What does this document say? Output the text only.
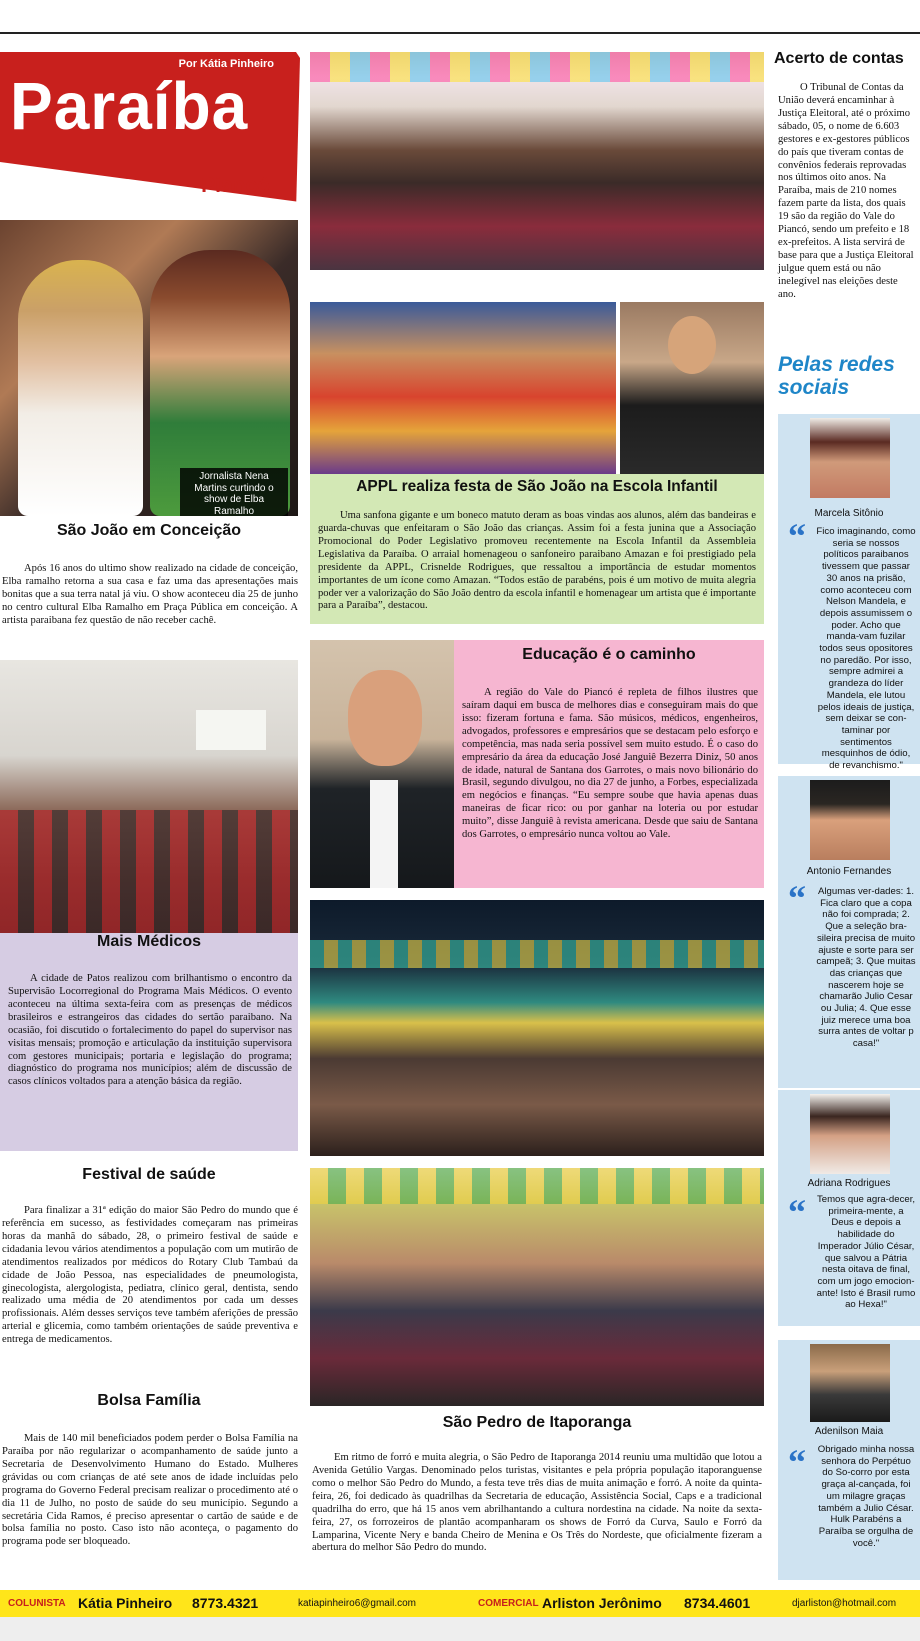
Por Kátia Pinheiro
Paraíba
Piancó
Jornalista Nena Martins curtindo o show de Elba Ramalho
São João em Conceição
Após 16 anos do ultimo show realizado na cidade de conceição, Elba ramalho retorna a sua casa e faz uma das apresentações mais bonitas que a sua terra natal já viu. O show aconteceu dia 25 de junho no centro cultural Elba Ramalho em Praça Pública em conceição. A artista paraibana fez questão de não receber cachê.
Mais Médicos
A cidade de Patos realizou com brilhantismo o encontro da Supervisão Locorregional do Programa Mais Médicos. O evento aconteceu na última sexta-feira com as presenças de médicos brasileiros e estrangeiros das cidades do sertão paraibano. Na ocasião, foi discutido o fortalecimento do papel do supervisor nas visitas mensais; promoção e articulação da instituição supervisora com gestores municipais; portaria e legislação do programa; diagnóstico do programa nos municípios; além de discussão de casos clínicos voltados para a atenção básica da região.
Festival de saúde
Para finalizar a 31ª edição do maior São Pedro do mundo que é referência em sucesso, as festividades começaram nas primeiras horas da manhã do sábado, 28, o primeiro festival de saúde e cidadania levou vários atendimentos a população com um mutirão de atendimentos realizados por médicos do Rotary Club Tambaú da cidade de João Pessoa, nas especialidades de pneumologista, ginecologista, alergologista, pediatra, clínico geral, dentista, sendo realizado uma média de 20 atendimentos por cada um desses profissionais. Além desses serviços teve também aferições de pressão arterial e glicemia, como também orientações de saúde preventiva e entrega de medicamentos.
Bolsa Família
Mais de 140 mil beneficiados podem perder o Bolsa Família na Paraíba por não regularizar o acompanhamento de saúde junto a Secretaria de Desenvolvimento Humano do Estado. Mulheres grávidas ou com crianças de até sete anos de idade incluídas pelo programa do Governo Federal precisam realizar o procedimento até o dia 11 de Julho, no posto de saúde do seu município. Segundo a secretária Cida Ramos, é preciso apresentar o cartão de saúde e de bolsa família no posto. Caso isto não aconteça, o pagamento do programa pode ser bloqueado.
APPL realiza festa de São João na Escola Infantil
Uma sanfona gigante e um boneco matuto deram as boas vindas aos alunos, além das bandeiras e guarda-chuvas que enfeitaram o São João das crianças. Assim foi a festa junina que a Associação Promocional do Poder Legislativo promoveu recentemente na Escola Infantil da Assembleia Legislativa da Paraíba. O arraial homenageou o sanfoneiro paraibano Amazan e foi prestigiado pela presidente da APPL, Crisnelde Rodrigues, que ressaltou a importância de estudar momentos importantes de um ícone como Amazan. “Todos estão de parabéns, pois é um motivo de muita alegria poder ver a valorização do São João dentro da escola infantil e homenagear um artista que é importante para a Paraíba”, destacou.
Educação é o caminho
A região do Vale do Piancó é repleta de filhos ilustres que saíram daqui em busca de melhores dias e conseguiram mais do que isso: fizeram fortuna e fama. São músicos, médicos, engenheiros, advogados, professores e empresários que se destacam pelo esforço e competência, mas nada seria possível sem muito estudo. É o caso do empresário da área da educação José Janguiê Bezerra Diniz, 50 anos de idade, natural de Santana dos Garrotes, o mais novo bilionário do Brasil, segundo divulgou, no dia 27 de junho, a Forbes, especializada em negócios e finanças. “Eu sempre soube que havia apenas duas maneiras de ficar rico: ou por ganhar na loteria ou por estudar muito”, disse Janguiê à revista americana. Desde que saiu de Santana dos Garrotes, o empresário nunca voltou ao Vale.
São Pedro de Itaporanga
Em ritmo de forró e muita alegria, o São Pedro de Itaporanga 2014 reuniu uma multidão que lotou a Avenida Getúlio Vargas. Denominado pelos turistas, visitantes e pela própria população itaporanguense como o melhor São Pedro do Mundo, a festa teve três dias de muita animação e forró. A noite da quinta-feira, 26, foi dedicado às quadrilhas da Secretaria de educação, Assistência Social, Caps e a tradicional quadrilha do erro, que há 15 anos vem abrilhantando a cultura nordestina na cidade. Na noite da sexta-feira, 27, os forrozeiros de plantão acompanharam os shows de Forró da Curva, Saulo e Forró da Lamparina, Vicente Nery e banda Cheiro de Menina e Os Três do Nordeste, que oficialmente fizeram a abertura do melhor São Pedro do mundo.
Acerto de contas
O Tribunal de Contas da União deverá encaminhar à Justiça Eleitoral, até o próximo sábado, 05, o nome de 6.603 gestores e ex-gestores públicos do país que tiveram contas de convênios federais reprovadas nos últimos oito anos. Na Paraíba, mais de 210 nomes fazem parte da lista, dos quais 19 são da região do Vale do Piancó, sendo um prefeito e 18 ex-prefeitos. A lista servirá de base para que a Justiça Eleitoral julgue quem está ou não inelegível nas eleições deste ano.
Pelas redes sociais
Marcela Sitônio
“ Fico imaginando, como seria se nossos políticos paraibanos tivessem que passar 30 anos na prisão, como aconteceu com Nelson Mandela, e depois assumissem o poder. Acho que manda-vam fuzilar todos seus opositores no paredão. Por isso, sempre admirei a grandeza do líder Mandela, ele lutou pelos ideais de justiça, sem deixar se con-taminar por sentimentos mesquinhos de ódio, de revanchismo."
Antonio Fernandes
“ Algumas ver-dades: 1. Fica claro que a copa não foi comprada; 2. Que a seleção bra-sileira precisa de muito ajuste e sorte para ser campeã; 3. Que muitas das crianças que nascerem hoje se chamarão Julio Cesar ou Julia; 4. Que esse juiz merece uma boa surra antes de voltar p casa!"
Adriana Rodrigues
“ Temos que agra-decer, primeira-mente, a Deus e depois a habilidade do Imperador Júlio César, que salvou a Pátria nesta oitava de final, com um jogo emocion-ante! Isto é Brasil rumo ao Hexa!"
Adenilson Maia
“ Obrigado minha nossa senhora do Perpétuo do So-corro por esta graça al-cançada, foi um milagre graças também a Julio César. Hulk Parabéns a Paraíba se orgulha de você."
COLUNISTA Kátia Pinheiro 8773.4321	katiapinheiro6@gmail.com	COMERCIAL Arliston Jerônimo 8734.4601	djarliston@hotmail.com
